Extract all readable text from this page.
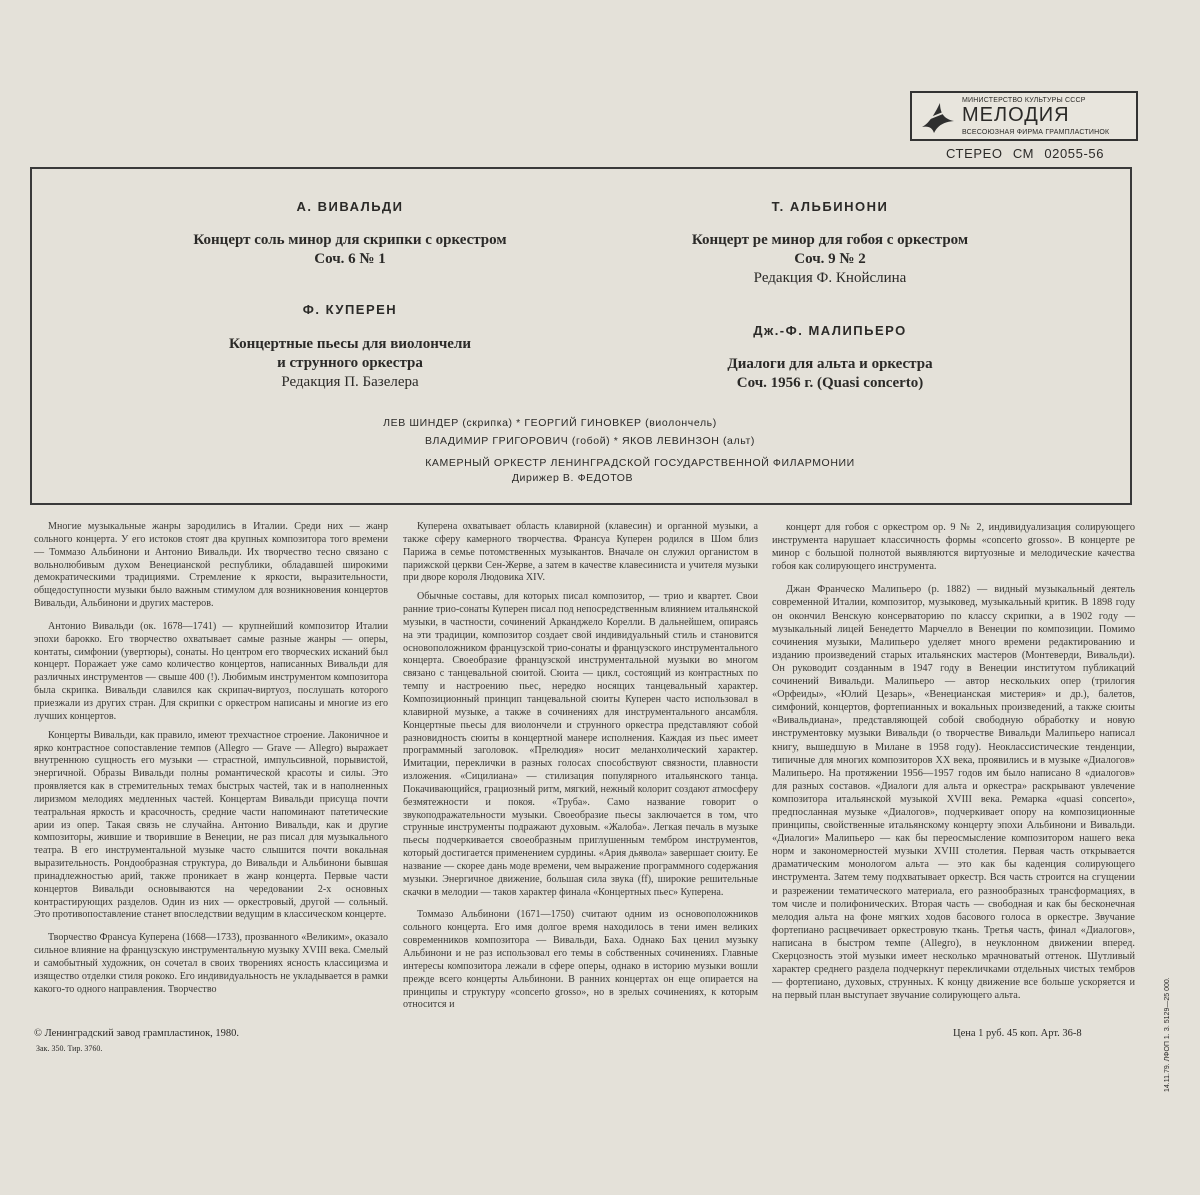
МИНИСТЕРСТВО КУЛЬТУРЫ СССР
МЕЛОДИЯ
ВСЕСОЮЗНАЯ ФИРМА ГРАМПЛАСТИНОК
СТЕРЕО СМ 02055-56
А. ВИВАЛЬДИ
Концерт соль минор для скрипки с оркестром
Соч. 6 № 1
Ф. КУПЕРЕН
Концертные пьесы для виолончели
и струнного оркестра
Редакция П. Базелера
Т. АЛЬБИНОНИ
Концерт ре минор для гобоя с оркестром
Соч. 9 № 2
Редакция Ф. Кнойслина
Дж.-Ф. МАЛИПЬЕРО
Диалоги для альта и оркестра
Соч. 1956 г. (Quasi concerto)
ЛЕВ ШИНДЕР (скрипка) * ГЕОРГИЙ ГИНОВКЕР (виолончель)
ВЛАДИМИР ГРИГОРОВИЧ (гобой) * ЯКОВ ЛЕВИНЗОН (альт)
КАМЕРНЫЙ ОРКЕСТР ЛЕНИНГРАДСКОЙ ГОСУДАРСТВЕННОЙ ФИЛАРМОНИИ
Дирижер В. ФЕДОТОВ

Многие музыкальные жанры зародились в Италии. Среди них — жанр сольного концерта. У его истоков стоят два крупных композитора того времени — Томмазо Альбинони и Антонио Вивальди. Их творчество тесно связано с вольнолюбивым духом Венецианской республики, обладавшей широкими демократическими традициями. Стремление к яркости, выразительности, общедоступности музыки было важным стимулом для возникновения концертов Вивальди, Альбинони и других мастеров.

Антонио Вивальди (ок. 1678—1741) — крупнейший композитор Италии эпохи барокко. Его творчество охватывает самые разные жанры — оперы, контаты, симфонии (увертюры), сонаты. Но центром его творческих исканий был концерт. Поражает уже само количество концертов, написанных Вивальди для различных инструментов — свыше 400 (!). Любимым инструментом композитора была скрипка. Вивальди славился как скрипач-виртуоз, послушать которого приезжали из других стран. Для скрипки с оркестром написаны и многие из его лучших концертов.

Концерты Вивальди, как правило, имеют трехчастное строение. Лаконичное и ярко контрастное сопоставление темпов (Allegro — Grave — Allegro) выражает внутреннюю сущность его музыки — страстной, импульсивной, порывистой, энергичной. Образы Вивальди полны романтической красоты и силы. Это проявляется как в стремительных темах быстрых частей, так и в наполненных лиризмом мелодиях медленных частей. Концертам Вивальди присуща почти театральная яркость и красочность, средние части напоминают патетические арии из опер. Такая связь не случайна. Антонио Вивальди, как и другие композиторы, жившие и творившие в Венеции, не раз писал для музыкального театра. В его инструментальной музыке часто слышится почти вокальная выразительность. Рондообразная структура, до Вивальди и Альбинони бывшая принадлежностью арий, также проникает в жанр концерта. Первые части концертов Вивальди основываются на чередовании 2-х основных контрастирующих разделов. Один из них — оркестровый, другой — сольный. Это противопоставление станет впоследствии ведущим в классическом концерте.

Творчество Франсуа Куперена (1668—1733), прозванного «Великим», оказало сильное влияние на французскую инструментальную музыку XVIII века. Смелый и самобытный художник, он сочетал в своих творениях ясность классицизма и изящество отделки стиля рококо. Его индивидуальность не укладывается в рамки какого-то одного направления. Творчество

Куперена охватывает область клавирной (клавесин) и органной музыки, а также сферу камерного творчества. Франсуа Куперен родился в Шом близ Парижа в семье потомственных музыкантов. Вначале он служил органистом в парижской церкви Сен-Жерве, а затем в качестве клавесиниста и учителя музыки при дворе короля Людовика XIV.

Обычные составы, для которых писал композитор, — трио и квартет. Свои ранние трио-сонаты Куперен писал под непосредственным влиянием итальянской музыки, в частности, сочинений Арканджело Корелли. В дальнейшем, опираясь на эти традиции, композитор создает свой индивидуальный стиль и становится основоположником французской трио-сонаты и французского инструментального концерта. Своеобразие французской инструментальной музыки во многом связано с танцевальной сюитой. Сюита — цикл, состоящий из контрастных по темпу и настроению пьес, нередко носящих танцевальный характер. Композиционный принцип танцевальной сюиты Куперен часто использовал в клавирной музыке, а также в сочинениях для инструментального ансамбля. Концертные пьесы для виолончели и струнного оркестра представляют собой разновидность сюиты в концертной манере исполнения. Каждая из пьес имеет программный заголовок. «Прелюдия» носит меланхолический характер. Имитации, переклички в разных голосах способствуют связности, плавности изложения. «Сицилиана» — стилизация популярного итальянского танца. Покачивающийся, грациозный ритм, мягкий, нежный колорит создают атмосферу безмятежности и покоя. «Труба». Само название говорит о звукоподражательности музыки. Своеобразие пьесы заключается в том, что струнные инструменты подражают духовым. «Жалоба». Легкая печаль в музыке пьесы подчеркивается своеобразным приглушенным тембром инструментов, который достигается применением сурдины. «Ария дьявола» завершает сюиту. Ее название — скорее дань моде времени, чем выражение программного содержания музыки. Энергичное движение, большая сила звука (ff), широкие решительные скачки в мелодии — таков характер финала «Концертных пьес» Куперена.

Томмазо Альбинони (1671—1750) считают одним из основоположников сольного концерта. Его имя долгое время находилось в тени имен великих современников композитора — Вивальди, Баха. Однако Бах ценил музыку Альбинони и не раз использовал его темы в собственных сочинениях. Главные интересы композитора лежали в сфере оперы, однако в историю музыки вошли прежде всего концерты Альбинони. В ранних концертах он еще опирается на принципы и структуру «concerto grosso», но в зрелых сочинениях, к которым относится и

концерт для гобоя с оркестром ор. 9 № 2, индивидуализация солирующего инструмента нарушает классичность формы «concerto grosso». В концерте ре минор с большой полнотой выявляются виртуозные и мелодические качества гобоя как солирующего инструмента.

Джан Франческо Малипьеро (р. 1882) — видный музыкальный деятель современной Италии, композитор, музыковед, музыкальный критик. В 1898 году он окончил Венскую консерваторию по классу скрипки, а в 1902 году — музыкальный лицей Бенедетто Марчелло в Венеции по композиции. Помимо сочинения музыки, Малипьеро уделяет много времени редактированию и изданию произведений старых итальянских мастеров (Монтеверди, Вивальди). Он руководит созданным в 1947 году в Венеции институтом публикаций сочинений Вивальди. Малипьеро — автор нескольких опер (трилогия «Орфеиды», «Юлий Цезарь», «Венецианская мистерия» и др.), балетов, симфоний, концертов, фортепианных и вокальных произведений, а также сюиты «Вивальдиана», представляющей собой свободную обработку и новую инструментовку музыки Вивальди (о творчестве Вивальди Малипьеро написал книгу, вышедшую в Милане в 1958 году). Неоклассистические тенденции, типичные для многих композиторов XX века, проявились и в музыке «Диалогов» Малипьеро. На протяжении 1956—1957 годов им было написано 8 «диалогов» для разных составов. «Диалоги для альта и оркестра» раскрывают увлечение композитора итальянской музыкой XVIII века. Ремарка «quasi concerto», предпосланная музыке «Диалогов», подчеркивает опору на композиционные принципы, свойственные итальянскому концерту эпохи Альбинони и Вивальди. «Диалоги» Малипьеро — как бы переосмысление композитором нашего века норм и закономерностей музыки XVIII столетия. Первая часть открывается драматическим монологом альта — это как бы каденция солирующего инструмента. Затем тему подхватывает оркестр. Вся часть строится на сгущении и разрежении тематического материала, его разнообразных трансформациях, в том числе и полифонических. Вторая часть — свободная и как бы бесконечная мелодия альта на фоне мягких ходов басового голоса в оркестре. Звучание фортепиано расцвечивает оркестровую ткань. Третья часть, финал «Диалогов», написана в быстром темпе (Allegro), в неуклонном движении вперед. Скерцозность этой музыки имеет несколько мрачноватый оттенок. Шутливый характер среднего раздела подчеркнут перекличками отдельных чистых тембров — фортепиано, духовых, струнных. К концу движение все больше ускоряется и на первый план выступает звучание солирующего альта.

© Ленинградский завод грампластинок, 1980.
Зак. 350. Тир. 3760.
Цена 1 руб. 45 коп. Арт. 36-8	14.11.79. ЛФОП 1. З. 5129—25 000.
